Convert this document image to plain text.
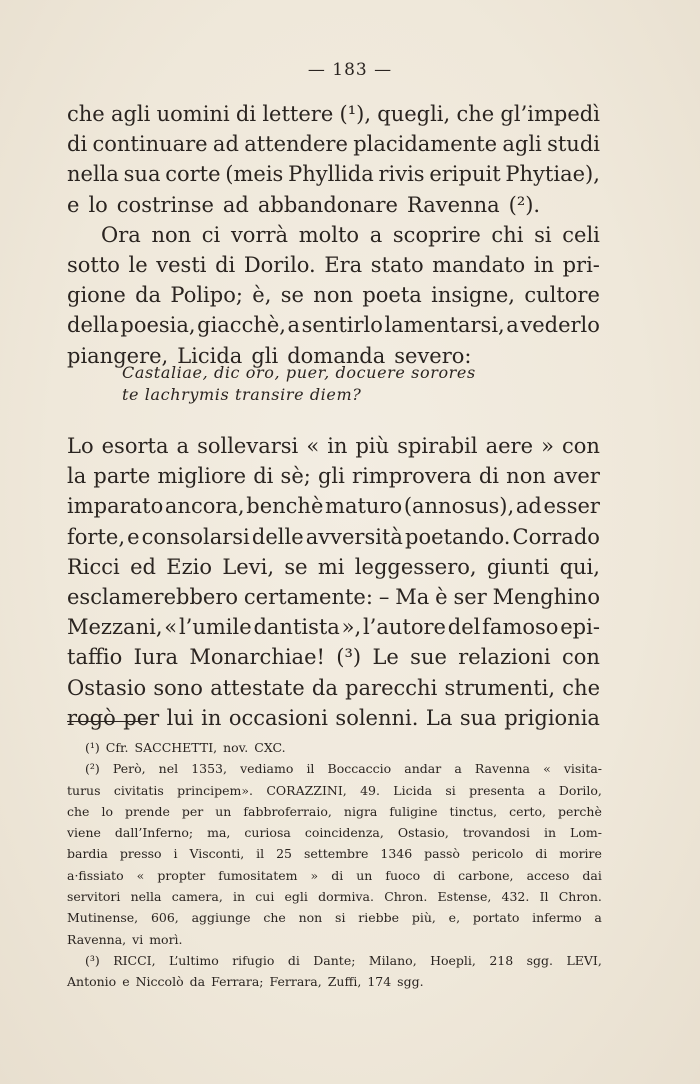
— 183 —
che agli uomini di lettere (¹), quegli, che gl’impedì
di continuare ad attendere placidamente agli studi
nella sua corte (meis Phyllida rivis eripuit Phytiae),
e lo costrinse ad abbandonare Ravenna (²).
Ora non ci vorrà molto a scoprire chi si celi
sotto le vesti di Dorilo. Era stato mandato in pri-
gione da Polipo; è, se non poeta insigne, cultore
della poesia, giacchè, a sentirlo lamentarsi, a vederlo
piangere, Licida gli domanda severo:
Castaliae, dic oro, puer, docuere sorores
te lachrymis transire diem?
Lo esorta a sollevarsi « in più spirabil aere » con
la parte migliore di sè; gli rimprovera di non aver
imparato ancora, benchè maturo (annosus), ad esser
forte, e consolarsi delle avversità poetando. Corrado
Ricci ed Ezio Levi, se mi leggessero, giunti qui,
esclamerebbero certamente: – Ma è ser Menghino
Mezzani, « l’umile dantista », l’autore del famoso epi-
taffio Iura Monarchiae! (³) Le sue relazioni con
Ostasio sono attestate da parecchi strumenti, che
rogò per lui in occasioni solenni. La sua prigionia
(¹) Cfr. SACCHETTI, nov. CXC.
(²) Però, nel 1353, vediamo il Boccaccio andar a Ravenna « visita-
turus civitatis principem». CORAZZINI, 49. Licida si presenta a Dorilo,
che lo prende per un fabbroferraio, nigra fuligine tinctus, certo, perchè
viene dall’Inferno; ma, curiosa coincidenza, Ostasio, trovandosi in Lom-
bardia presso i Visconti, il 25 settembre 1346 passò pericolo di morire
a·fissiato « propter fumositatem » di un fuoco di carbone, acceso dai
servitori nella camera, in cui egli dormiva. Chron. Estense, 432. Il Chron.
Mutinense, 606, aggiunge che non si riebbe più, e, portato infermo a
Ravenna, vi morì.
(³) RICCI, L’ultimo rifugio di Dante; Milano, Hoepli, 218 sgg. LEVI,
Antonio e Niccolò da Ferrara; Ferrara, Zuffi, 174 sgg.
